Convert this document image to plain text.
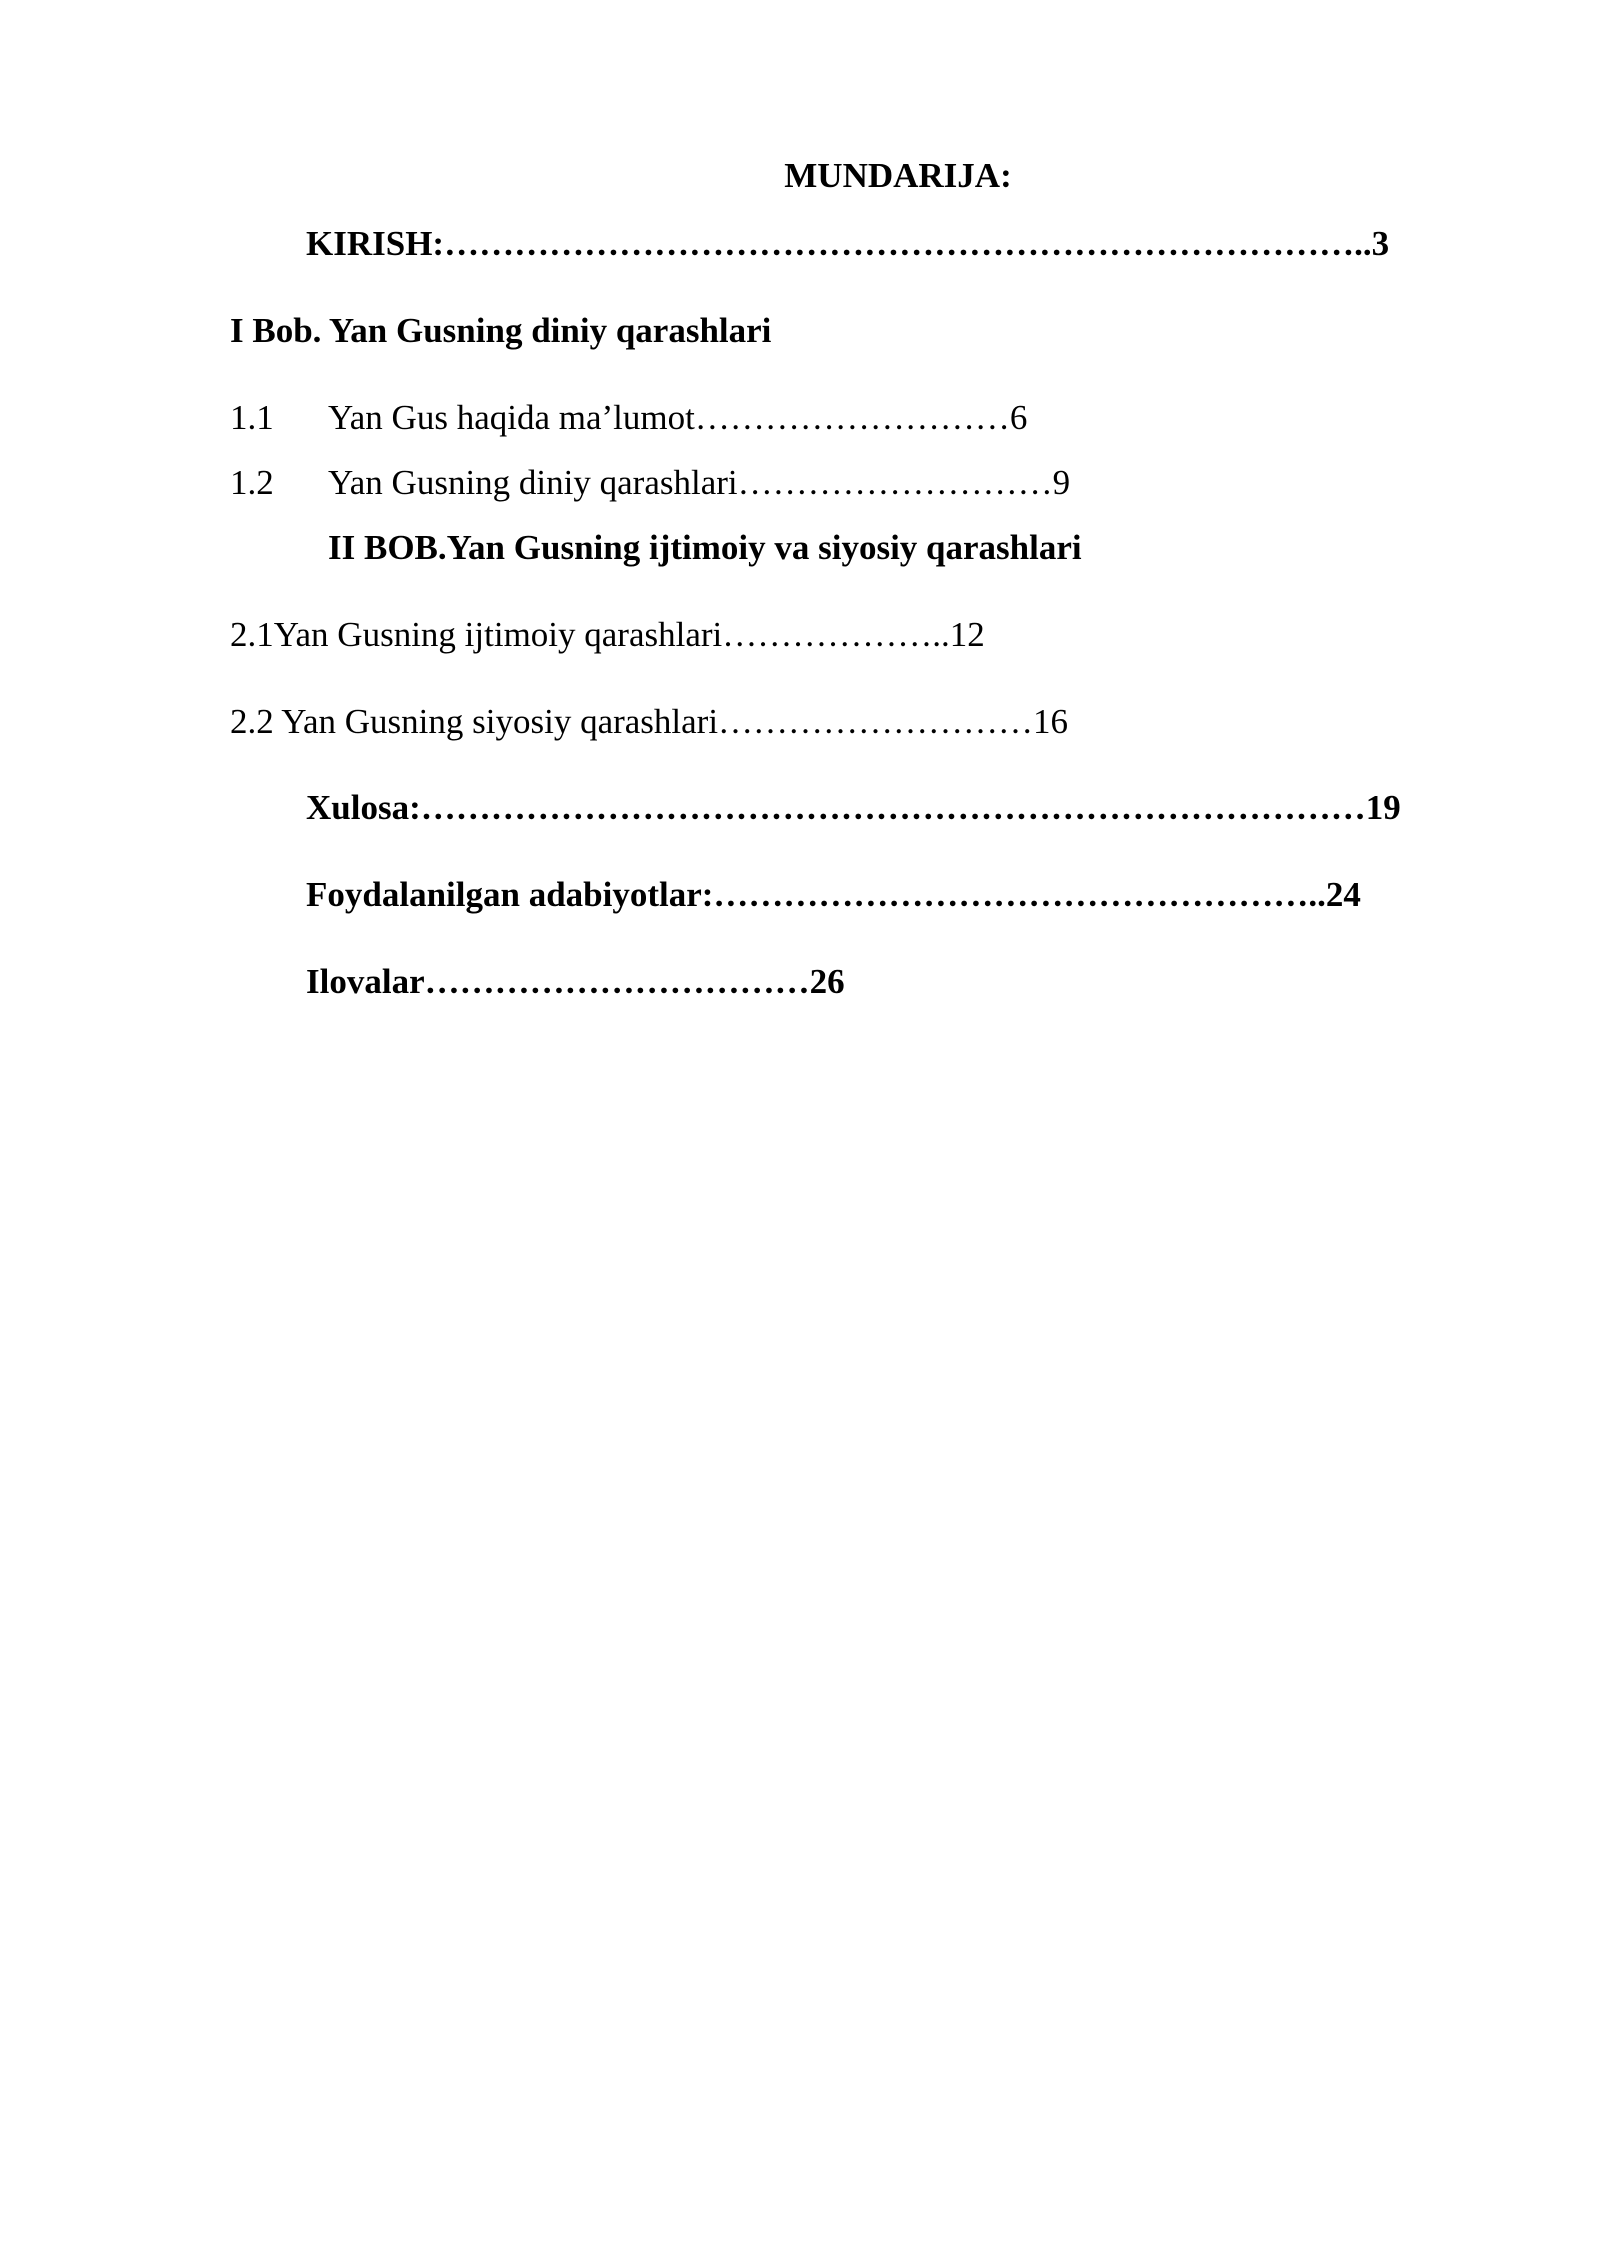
MUNDARIJA:
KIRISH:……………………………………………………………………..3
I Bob. Yan Gusning diniy qarashlari
1.1 Yan Gus haqida ma’lumot………………………6
1.2 Yan Gusning diniy qarashlari………………………9
II BOB.Yan Gusning ijtimoiy va siyosiy qarashlari
2.1Yan Gusning ijtimoiy qarashlari………………..12
2.2 Yan Gusning siyosiy qarashlari………………………16
Xulosa:………………………………………………………………………19
Foydalanilgan adabiyotlar:……………………………………………..24
Ilovalar……………………………26
